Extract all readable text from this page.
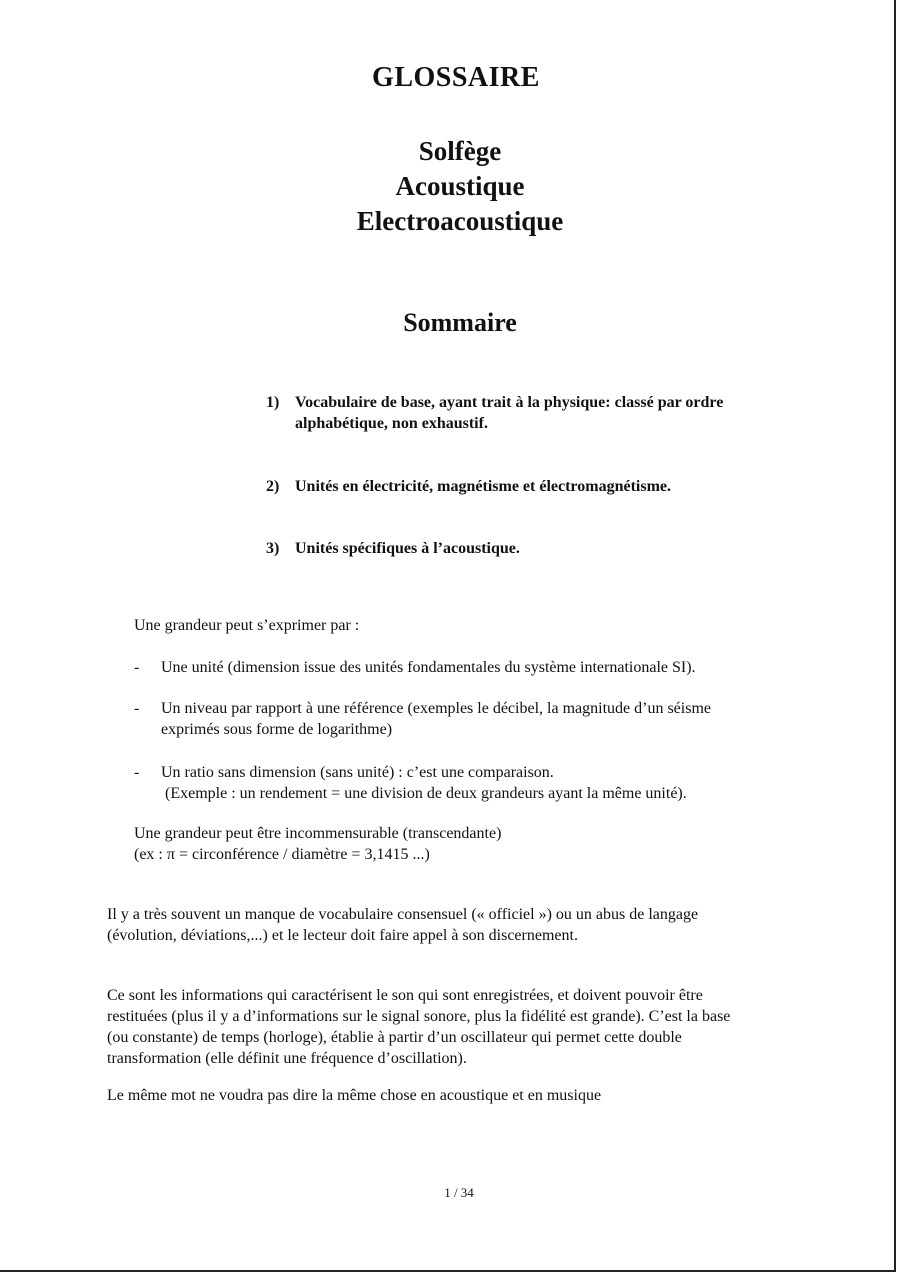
GLOSSAIRE
Solfège
Acoustique
Electroacoustique
Sommaire
1) Vocabulaire de base, ayant trait à la physique: classé par ordre
alphabétique, non exhaustif.
2) Unités en électricité, magnétisme et électromagnétisme.
3) Unités spécifiques à l’acoustique.
Une grandeur peut s’exprimer par :
- Une unité (dimension issue des unités fondamentales du système internationale SI).
- Un niveau par rapport à une référence (exemples le décibel, la magnitude d’un séisme
exprimés sous forme de logarithme)
- Un ratio sans dimension (sans unité) : c’est une comparaison.
(Exemple : un rendement = une division de deux grandeurs ayant la même unité).
Une grandeur peut être incommensurable (transcendante)
(ex : π = circonférence / diamètre = 3,1415 ...)
Il y a très souvent un manque de vocabulaire consensuel (« officiel ») ou un abus de langage
(évolution, déviations,...) et le lecteur doit faire appel à son discernement.
Ce sont les informations qui caractérisent le son qui sont enregistrées, et doivent pouvoir être
restituées (plus il y a d’informations sur le signal sonore, plus la fidélité est grande). C’est la base
(ou constante) de temps (horloge), établie à partir d’un oscillateur qui permet cette double
transformation (elle définit une fréquence d’oscillation).
Le même mot ne voudra pas dire la même chose en acoustique et en musique
1 / 34
